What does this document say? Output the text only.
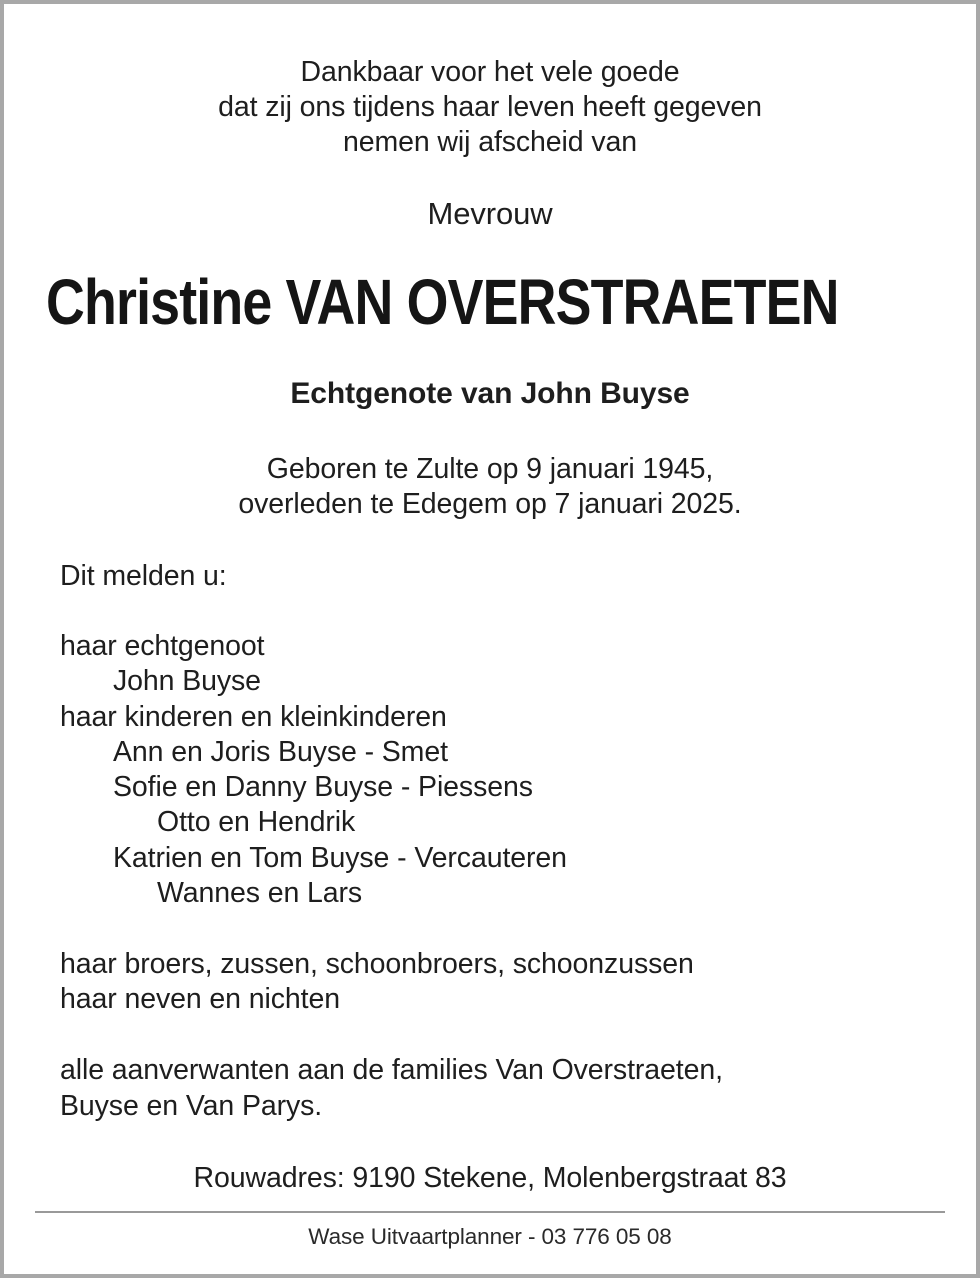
Dankbaar voor het vele goede
dat zij ons tijdens haar leven heeft gegeven
nemen wij afscheid van
Mevrouw
Christine VAN OVERSTRAETEN
Echtgenote van John Buyse
Geboren te Zulte op 9 januari 1945,
overleden te Edegem op 7 januari 2025.
Dit melden u:
haar echtgenoot
John Buyse
haar kinderen en kleinkinderen
Ann en Joris Buyse - Smet
Sofie en Danny Buyse - Piessens
Otto en Hendrik
Katrien en Tom Buyse - Vercauteren
Wannes en Lars
haar broers, zussen, schoonbroers, schoonzussen
haar neven en nichten
alle aanverwanten aan de families Van Overstraeten,
Buyse en Van Parys.
Rouwadres: 9190 Stekene, Molenbergstraat 83
Wase Uitvaartplanner - 03 776 05 08
